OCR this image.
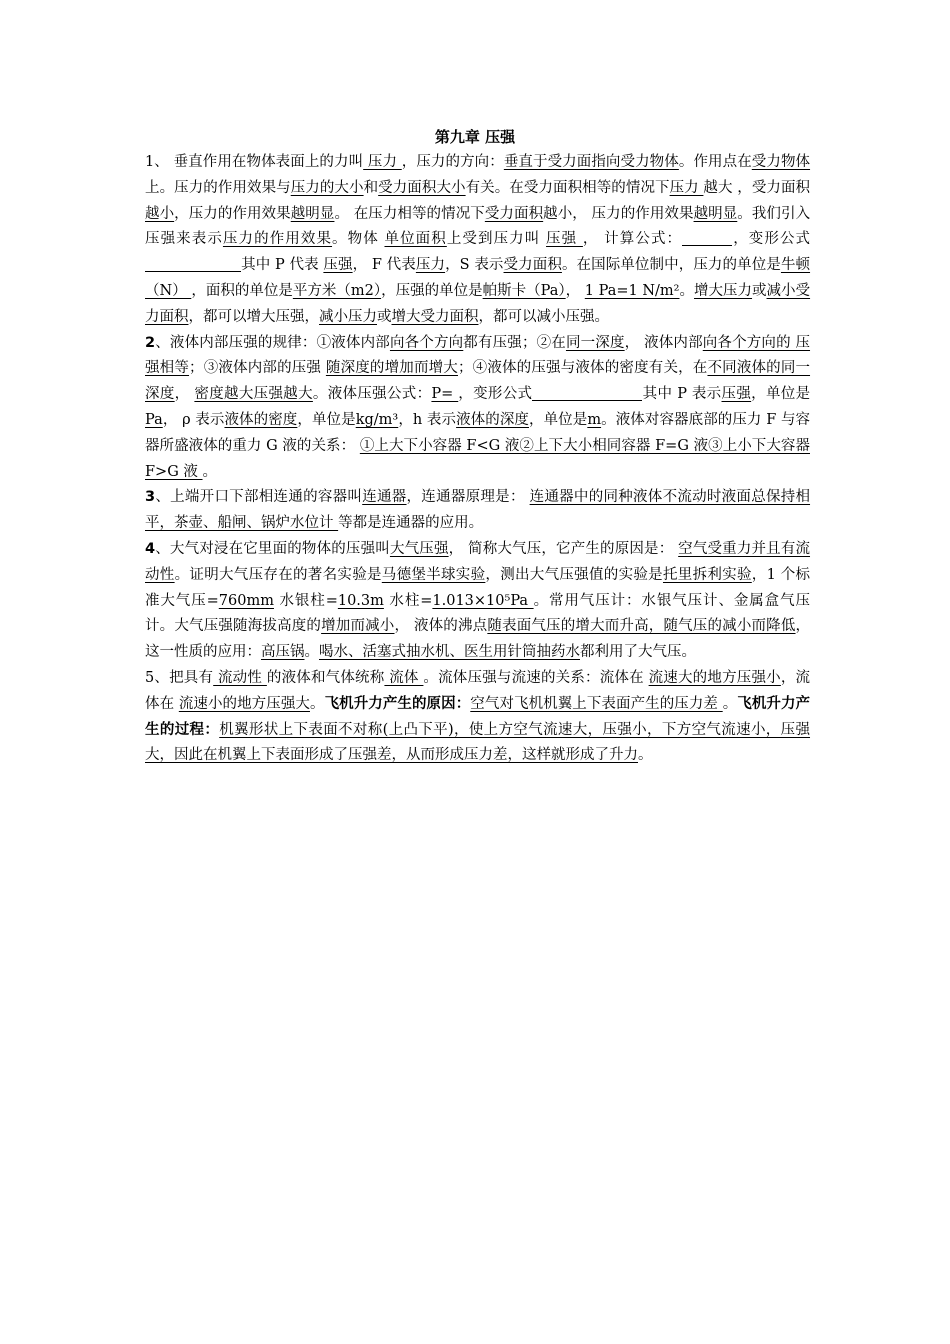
第九章 压强

1、 垂直作用在物体表面上的力叫 压力 ，压力的方向：垂直于受力面指向受力物体。作用点在受力物体上。压力的作用效果与压力的大小和受力面积大小有关。在受力面积相等的情况下压力 越大 ，受力面积 越小，压力的作用效果越明显。 在压力相等的情况下受力面积越小， 压力的作用效果越明显。我们引入压强来表示压力的作用效果。物体 单位面积上受到压力叫 压强 ， 计算公式：	，变形公式其中 P 代表 压强， F 代表压力，S 表示受力面积。在国际单位制中，压力的单位是牛顿（N） ，面积的单位是平方米（m2），压强的单位是帕斯卡（Pa）， 1 Pa=1 N/m²。增大压力或减小受力面积，都可以增大压强，减小压力或增大受力面积，都可以减小压强。

2、液体内部压强的规律：①液体内部向各个方向都有压强；②在同一深度， 液体内部向各个方向的 压强相等；③液体内部的压强 随深度的增加而增大；④液体的压强与液体的密度有关，在不同液体的同一深度， 密度越大压强越大。液体压强公式：P= ，变形公式	其中 P 表示压强，单位是Pa， ρ 表示液体的密度，单位是kg/m³，h 表示液体的深度，单位是m。液体对容器底部的压力 F 与容器所盛液体的重力 G 液的关系： ①上大下小容器 F<G 液②上下大小相同容器 F=G 液③上小下大容器 F>G 液 。

3、上端开口下部相连通的容器叫连通器，连通器原理是： 连通器中的同种液体不流动时液面总保持相平，茶壶、船闸、锅炉水位计 等都是连通器的应用。

4、大气对浸在它里面的物体的压强叫大气压强， 简称大气压，它产生的原因是： 空气受重力并且有流动性。证明大气压存在的著名实验是马德堡半球实验，测出大气压强值的实验是托里拆利实验，1 个标准大气压=760mm 水银柱=10.3m 水柱=1.013×10⁵Pa 。常用气压计：水银气压计、金属盒气压计。大气压强随海拔高度的增加而减小， 液体的沸点随表面气压的增大而升高，随气压的减小而降低， 这一性质的应用：高压锅。喝水、活塞式抽水机、医生用针筒抽药水都利用了大气压。

5、把具有 流动性 的液体和气体统称 流体 。流体压强与流速的关系：流体在 流速大的地方压强小，流体在 流速小的地方压强大。飞机升力产生的原因：空气对飞机机翼上下表面产生的压力差 。飞机升力产生的过程：机翼形状上下表面不对称(上凸下平)，使上方空气流速大，压强小，下方空气流速小，压强大，因此在机翼上下表面形成了压强差，从而形成压力差，这样就形成了升力。
